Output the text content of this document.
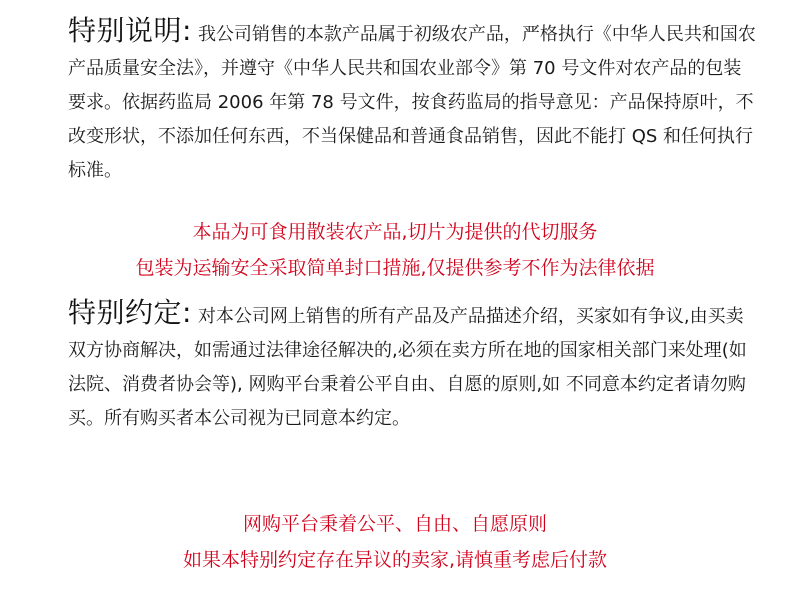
特别说明: 我公司销售的本款产品属于初级农产品，严格执行《中华人民共和国农产品质量安全法》，并遵守《中华人民共和国农业部令》第 70 号文件对农产品的包装要求。依据药监局 2006 年第 78 号文件，按食药监局的指导意见：产品保持原叶，不改变形状，不添加任何东西，不当保健品和普通食品销售，因此不能打 QS 和任何执行标准。

本品为可食用散装农产品,切片为提供的代切服务
包装为运输安全采取简单封口措施,仅提供参考不作为法律依据

特别约定: 对本公司网上销售的所有产品及产品描述介绍，买家如有争议,由买卖双方协商解决，如需通过法律途径解决的,必须在卖方所在地的国家相关部门来处理(如法院、消费者协会等), 网购平台秉着公平自由、自愿的原则,如 不同意本约定者请勿购买。所有购买者本公司视为已同意本约定。

网购平台秉着公平、自由、自愿原则
如果本特别约定存在异议的卖家,请慎重考虑后付款
